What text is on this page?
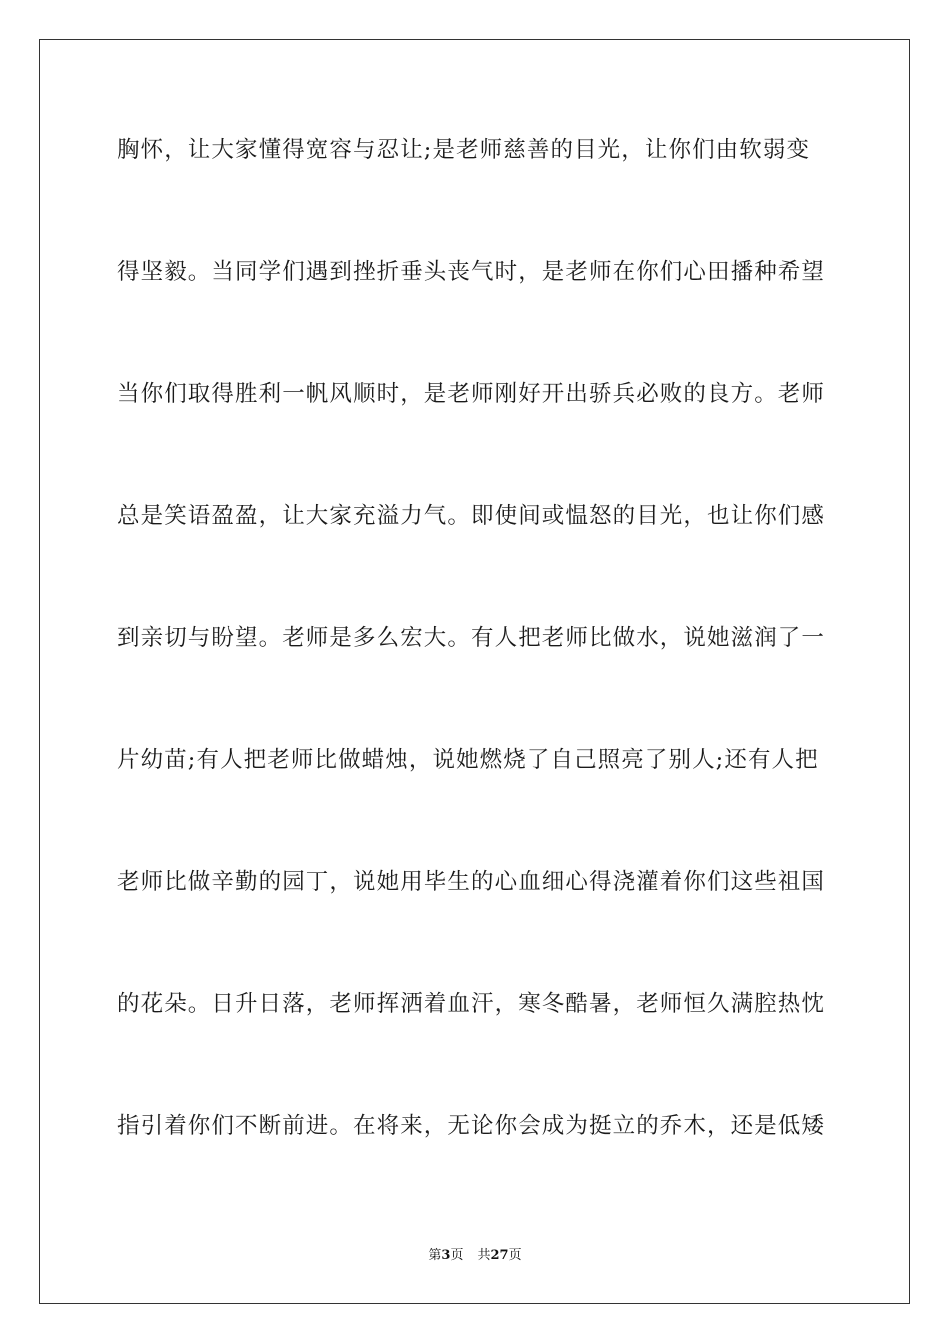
胸怀，让大家懂得宽容与忍让;是老师慈善的目光，让你们由软弱变
得坚毅。当同学们遇到挫折垂头丧气时，是老师在你们心田播种希望
当你们取得胜利一帆风顺时，是老师刚好开出骄兵必败的良方。老师
总是笑语盈盈，让大家充溢力气。即使间或愠怒的目光，也让你们感
到亲切与盼望。老师是多么宏大。有人把老师比做水，说她滋润了一
片幼苗;有人把老师比做蜡烛，说她燃烧了自己照亮了别人;还有人把
老师比做辛勤的园丁，说她用毕生的心血细心得浇灌着你们这些祖国
的花朵。日升日落，老师挥洒着血汗，寒冬酷暑，老师恒久满腔热忱
指引着你们不断前进。在将来，无论你会成为挺立的乔木，还是低矮
第3页 共27页
